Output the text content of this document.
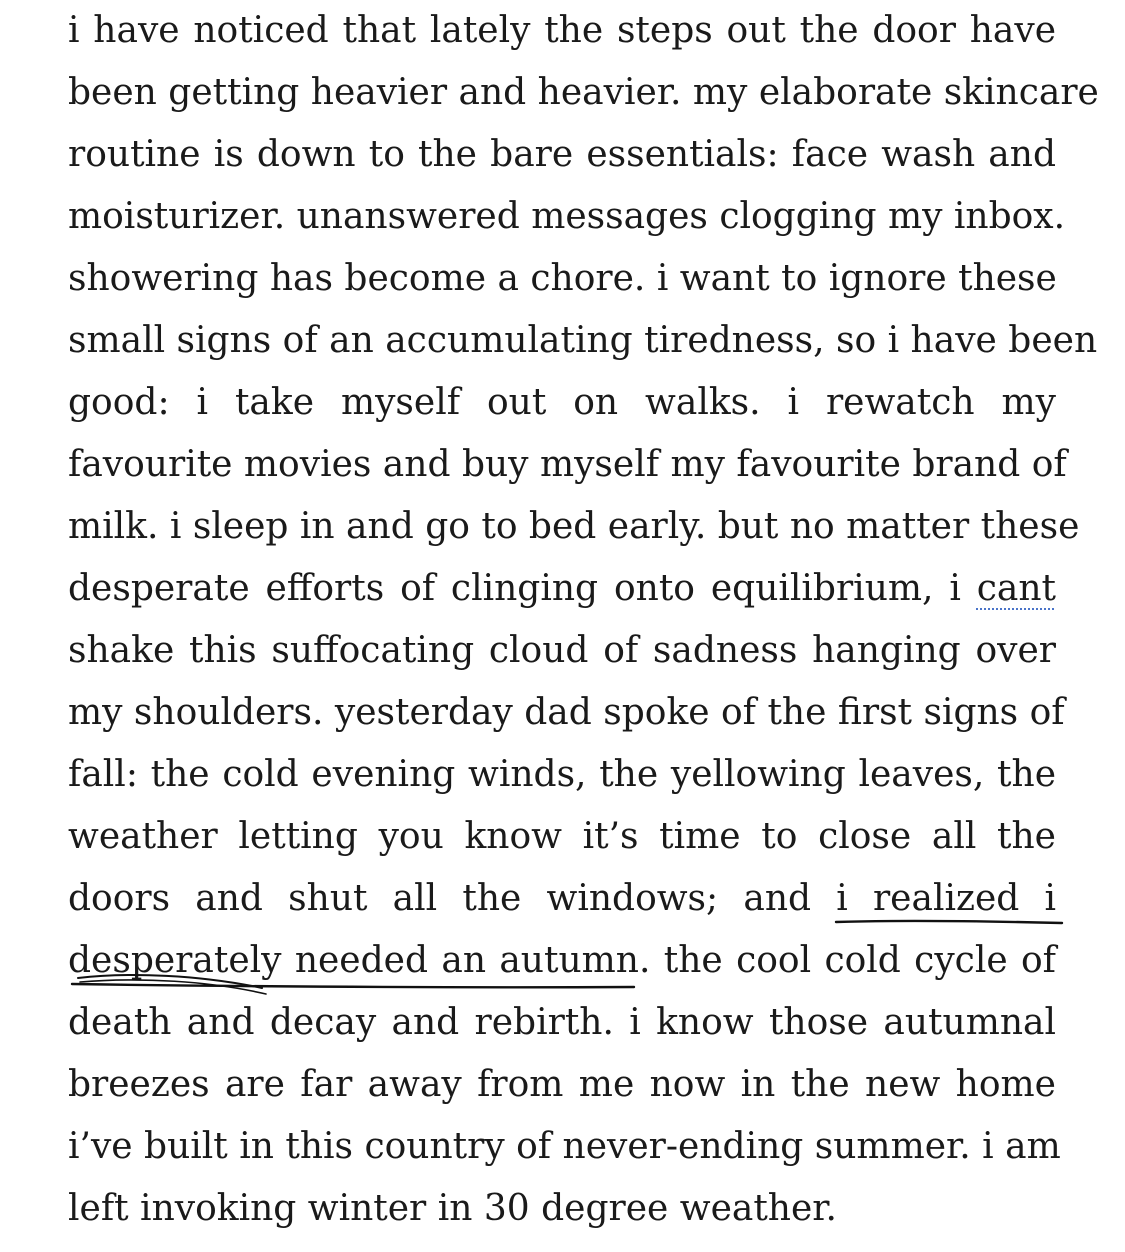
i have noticed that lately the steps out the door have
been getting heavier and heavier. my elaborate skincare
routine is down to the bare essentials: face wash and
moisturizer. unanswered messages clogging my inbox.
showering has become a chore. i want to ignore these
small signs of an accumulating tiredness, so i have been
good: i take myself out on walks. i rewatch my
favourite movies and buy myself my favourite brand of
milk. i sleep in and go to bed early. but no matter these
desperate efforts of clinging onto equilibrium, i cant
shake this suffocating cloud of sadness hanging over
my shoulders. yesterday dad spoke of the first signs of
fall: the cold evening winds, the yellowing leaves, the
weather letting you know it’s time to close all the
doors and shut all the windows; and i realized i
desperately needed an autumn. the cool cold cycle of
death and decay and rebirth. i know those autumnal
breezes are far away from me now in the new home
i’ve built in this country of never-ending summer. i am
left invoking winter in 30 degree weather.
